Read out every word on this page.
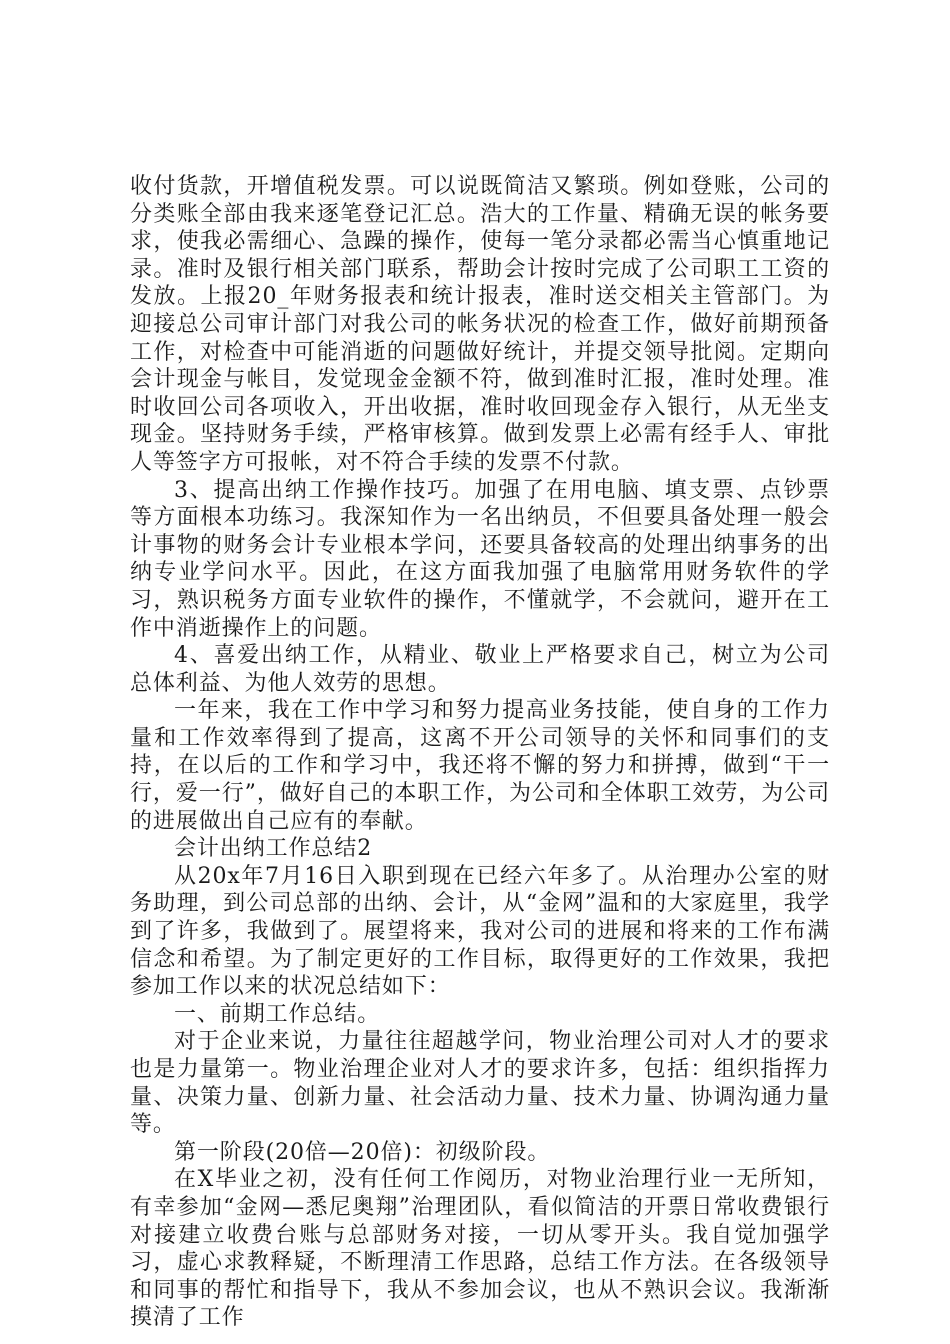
收付货款，开增值税发票。可以说既简洁又繁琐。例如登账，公司的分类账全部由我来逐笔登记汇总。浩大的工作量、精确无误的帐务要求，使我必需细心、急躁的操作，使每一笔分录都必需当心慎重地记录。准时及银行相关部门联系，帮助会计按时完成了公司职工工资的发放。上报20_年财务报表和统计报表，准时送交相关主管部门。为迎接总公司审计部门对我公司的帐务状况的检查工作，做好前期预备工作，对检查中可能消逝的问题做好统计，并提交领导批阅。定期向会计现金与帐目，发觉现金金额不符，做到准时汇报，准时处理。准时收回公司各项收入，开出收据，准时收回现金存入银行，从无坐支现金。坚持财务手续，严格审核算。做到发票上必需有经手人、审批人等签字方可报帐，对不符合手续的发票不付款。

3、提高出纳工作操作技巧。加强了在用电脑、填支票、点钞票等方面根本功练习。我深知作为一名出纳员，不但要具备处理一般会计事物的财务会计专业根本学问，还要具备较高的处理出纳事务的出纳专业学问水平。因此，在这方面我加强了电脑常用财务软件的学习，熟识税务方面专业软件的操作，不懂就学，不会就问，避开在工作中消逝操作上的问题。

4、喜爱出纳工作，从精业、敬业上严格要求自己，树立为公司总体利益、为他人效劳的思想。

一年来，我在工作中学习和努力提高业务技能，使自身的工作力量和工作效率得到了提高，这离不开公司领导的关怀和同事们的支持，在以后的工作和学习中，我还将不懈的努力和拼搏，做到“干一行，爱一行”，做好自己的本职工作，为公司和全体职工效劳，为公司的进展做出自己应有的奉献。

会计出纳工作总结2

从20x年7月16日入职到现在已经六年多了。从治理办公室的财务助理，到公司总部的出纳、会计，从“金网”温和的大家庭里，我学到了许多，我做到了。展望将来，我对公司的进展和将来的工作布满信念和希望。为了制定更好的工作目标，取得更好的工作效果，我把参加工作以来的状况总结如下：

一、前期工作总结。

对于企业来说，力量往往超越学问，物业治理公司对人才的要求也是力量第一。物业治理企业对人才的要求许多，包括：组织指挥力量、决策力量、创新力量、社会活动力量、技术力量、协调沟通力量等。

第一阶段(20倍—20倍)：初级阶段。

在X毕业之初，没有任何工作阅历，对物业治理行业一无所知，有幸参加“金网—悉尼奥翔”治理团队，看似简洁的开票日常收费银行对接建立收费台账与总部财务对接，一切从零开头。我自觉加强学习，虚心求教释疑，不断理清工作思路，总结工作方法。在各级领导和同事的帮忙和指导下，我从不参加会议，也从不熟识会议。我渐渐摸清了工作
